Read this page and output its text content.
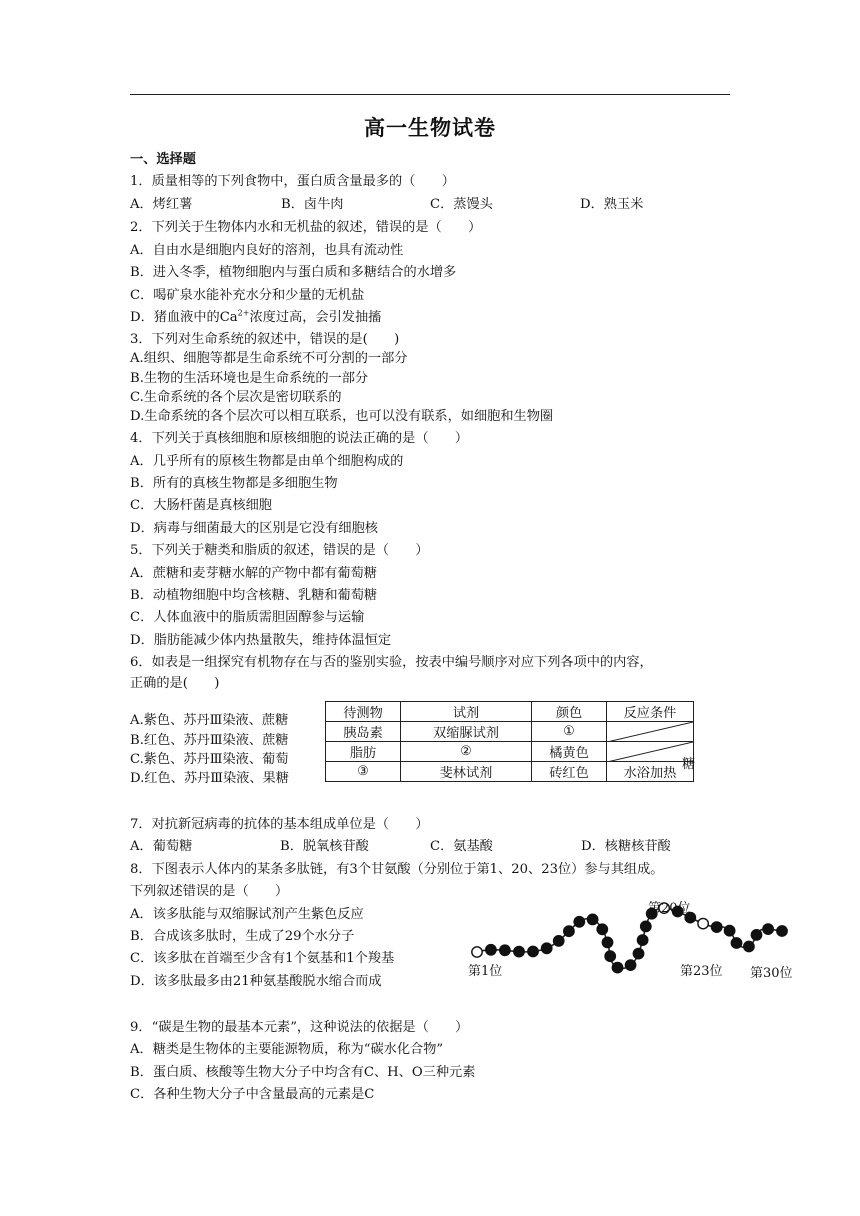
高一生物试卷
一、选择题
1．质量相等的下列食物中，蛋白质含量最多的（　　）
A．烤红薯	B．卤牛肉	C．蒸馒头	D．熟玉米
2．下列关于生物体内水和无机盐的叙述，错误的是（　　）
A．自由水是细胞内良好的溶剂，也具有流动性
B．进入冬季，植物细胞内与蛋白质和多糖结合的水增多
C．喝矿泉水能补充水分和少量的无机盐
D．猪血液中的$Ca^{2+}$浓度过高，会引发抽搐
3．下列对生命系统的叙述中，错误的是(　　)
A.组织、细胞等都是生命系统不可分割的一部分
B.生物的生活环境也是生命系统的一部分
C.生命系统的各个层次是密切联系的
D.生命系统的各个层次可以相互联系，也可以没有联系，如细胞和生物圈
4．下列关于真核细胞和原核细胞的说法正确的是（　　）
A．几乎所有的原核生物都是由单个细胞构成的
B．所有的真核生物都是多细胞生物
C．大肠杆菌是真核细胞
D．病毒与细菌最大的区别是它没有细胞核
5．下列关于糖类和脂质的叙述，错误的是（　　）
A．蔗糖和麦芽糖水解的产物中都有葡萄糖
B．动植物细胞中均含核糖、乳糖和葡萄糖
C．人体血液中的脂质需胆固醇参与运输
D．脂肪能减少体内热量散失，维持体温恒定
6．如表是一组探究有机物存在与否的鉴别实验，按表中编号顺序对应下列各项中的内容，
正确的是(　　)
A.紫色、苏丹Ⅲ染液、蔗糖
B.红色、苏丹Ⅲ染液、蔗糖
C.紫色、苏丹Ⅲ染液、葡萄
D.红色、苏丹Ⅲ染液、果糖
待测物	试剂	颜色	反应条件
胰岛素	双缩脲试剂	①	

脂肪	②	橘黄色	

③	斐林试剂	砖红色	水浴加热
糖
7．对抗新冠病毒的抗体的基本组成单位是（　　）
A．葡萄糖	B．脱氧核苷酸	C．氨基酸	D．核糖核苷酸
8．下图表示人体内的某条多肽链，有3个甘氨酸（分别位于第1、20、23位）参与其组成。
下列叙述错误的是（　　）
A．该多肽能与双缩脲试剂产生紫色反应
B．合成该多肽时，生成了29个水分子
C．该多肽在首端至少含有1个氨基和1个羧基
D．该多肽最多由21种氨基酸脱水缩合而成
第1位
第20位
第23位 第30位
9．“碳是生物的最基本元素”，这种说法的依据是（　　）
A．糖类是生物体的主要能源物质，称为“碳水化合物”
B．蛋白质、核酸等生物大分子中均含有C、H、O三种元素
C．各种生物大分子中含量最高的元素是C
